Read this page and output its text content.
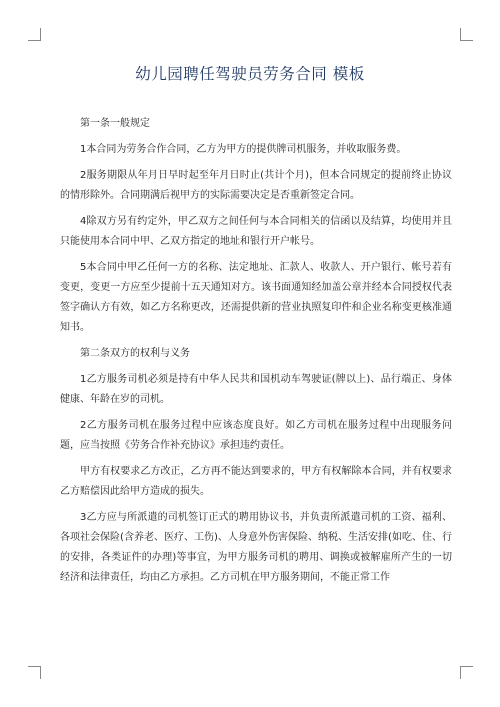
幼儿园聘任驾驶员劳务合同 模板

第一条一般规定

1本合同为劳务合作合同，乙方为甲方的提供牌司机服务，并收取服务费。

2服务期限从年月日早时起至年月日时止(共计个月)，但本合同规定的提前终止协议的情形除外。合同期满后视甲方的实际需要决定是否重新签定合同。

4除双方另有约定外，甲乙双方之间任何与本合同相关的信函以及结算，均使用并且只能使用本合同中甲、乙双方指定的地址和银行开户帐号。

5本合同中甲乙任何一方的名称、法定地址、汇款人、收款人、开户银行、帐号若有变更，变更一方应至少提前十五天通知对方。该书面通知经加盖公章并经本合同授权代表签字确认方有效，如乙方名称更改，还需提供新的营业执照复印件和企业名称变更核准通知书。

第二条双方的权利与义务

1乙方服务司机必须是持有中华人民共和国机动车驾驶证(牌以上)、品行端正、身体健康、年龄在岁的司机。

2乙方服务司机在服务过程中应该态度良好。如乙方司机在服务过程中出现服务问题，应当按照《劳务合作补充协议》承担违约责任。

甲方有权要求乙方改正，乙方再不能达到要求的，甲方有权解除本合同，并有权要求乙方赔偿因此给甲方造成的损失。

3乙方应与所派遣的司机签订正式的聘用协议书，并负责所派遣司机的工资、福利、各项社会保险(含养老、医疗、工伤)、人身意外伤害保险、纳税、生活安排(如吃、住、行的安排，各类证件的办理)等事宜，为甲方服务司机的聘用、调换或被解雇所产生的一切经济和法律责任，均由乙方承担。乙方司机在甲方服务期间，不能正常工作
